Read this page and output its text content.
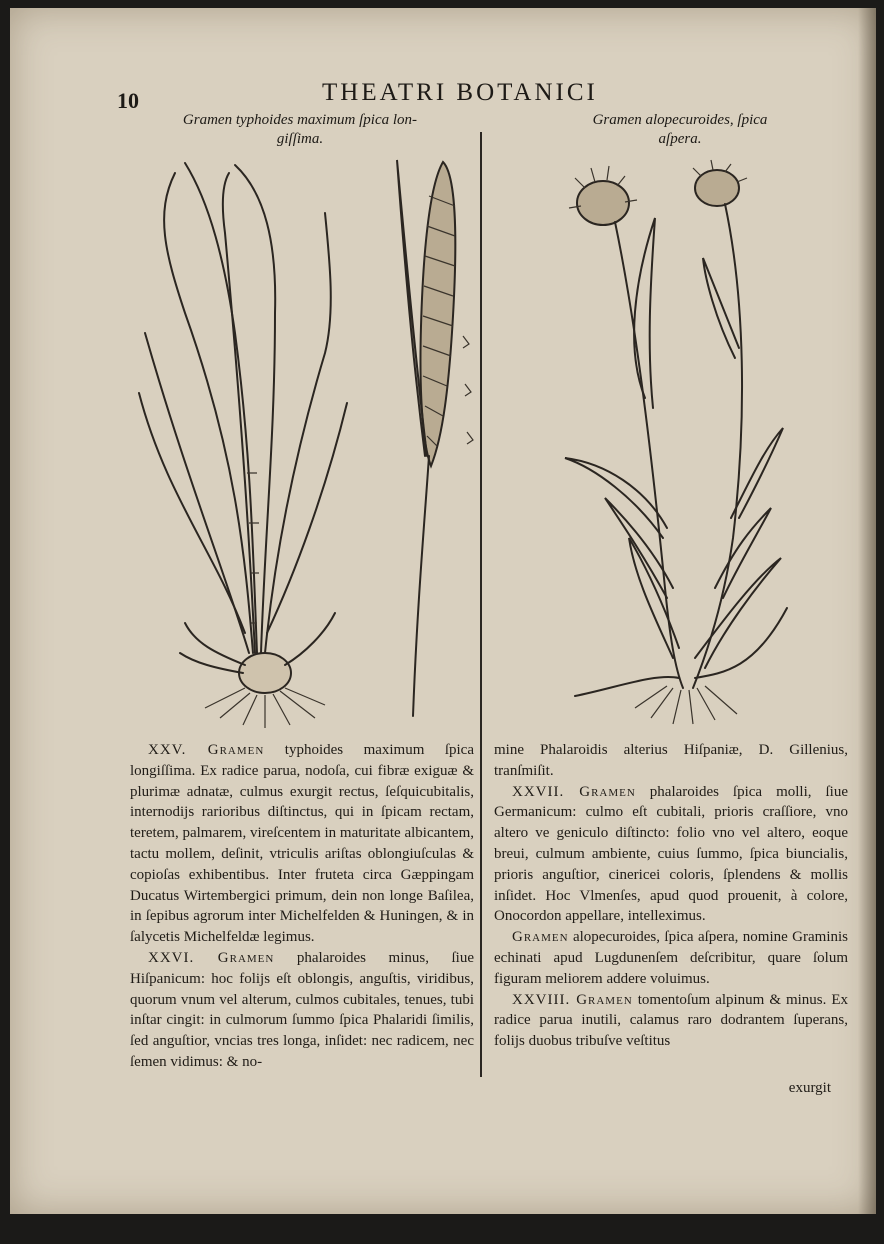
10	THEATRI BOTANICI
Gramen typhoides maximum ſpica lon-
giſſima.
Gramen alopecuroides, ſpica
aſpera.

XXV. Gramen typhoides maximum ſpica longiſſima. Ex radice parua, nodoſa, cui fibræ exiguæ & plurimæ adnatæ, culmus exurgit rectus, ſeſquicubitalis, internodijs rarioribus diſtinctus, qui in ſpicam rectam, teretem, palmarem, vireſcentem in maturitate albicantem, tactu mollem, deſinit, vtriculis ariſtas oblongiuſculas & copioſas exhibentibus. Inter fruteta circa Gæppingam Ducatus Wirtembergici primum, dein non longe Baſilea, in ſepibus agrorum inter Michelfelden & Huningen, & in ſalycetis Michelfeldæ legimus.

XXVI. Gramen phalaroides minus, ſiue Hiſpanicum: hoc folijs eſt oblongis, anguſtis, viridibus, quorum vnum vel alterum, culmos cubitales, tenues, tubi inſtar cingit: in culmorum ſummo ſpica Phalaridi ſimilis, ſed anguſtior, vncias tres longa, inſidet: nec radicem, nec ſemen vidimus: & no-

mine Phalaroidis alterius Hiſpaniæ, D. Gillenius, tranſmiſit.

XXVII. Gramen phalaroides ſpica molli, ſiue Germanicum: culmo eſt cubitali, prioris craſſiore, vno altero ve geniculo diſtincto: folio vno vel altero, eoque breui, culmum ambiente, cuius ſummo, ſpica biuncialis, prioris anguſtior, cinericei coloris, ſplendens & mollis inſidet. Hoc Vlmenſes, apud quod prouenit, à colore, Onocordon appellare, intelleximus.

Gramen alopecuroides, ſpica aſpera, nomine Graminis echinati apud Lugdunenſem deſcribitur, quare ſolum figuram meliorem addere voluimus.

XXVIII. Gramen tomentoſum alpinum & minus. Ex radice parua inutili, calamus raro dodrantem ſuperans, folijs duobus tribuſve veſtitus

exurgit
